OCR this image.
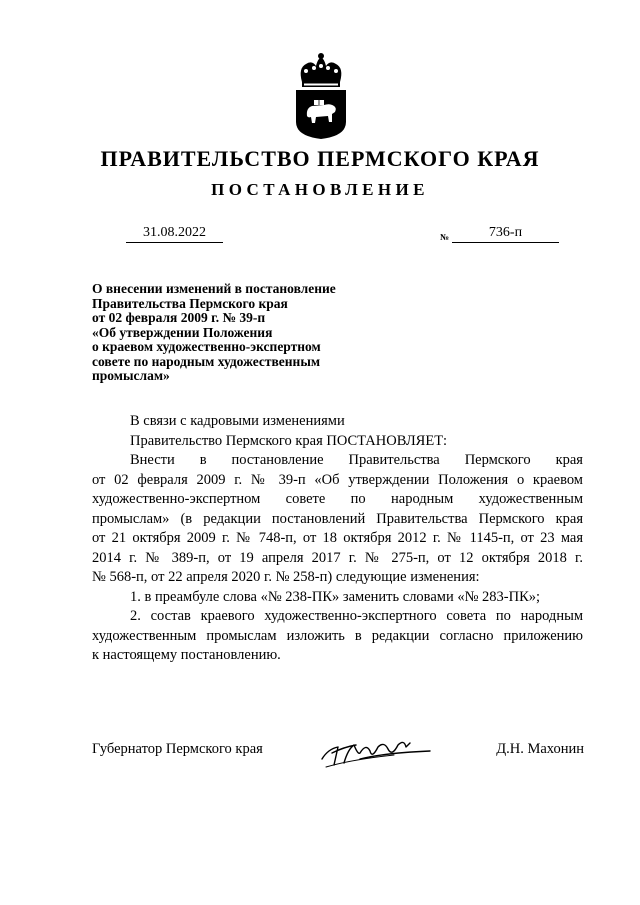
ПРАВИТЕЛЬСТВО ПЕРМСКОГО КРАЯ
ПОСТАНОВЛЕНИЕ
31.08.2022	№	736-п
О внесении изменений в постановление
Правительства Пермского края
от 02 февраля 2009 г. № 39-п
«Об утверждении Положения
о краевом художественно-экспертном
совете по народным художественным
промыслам»

В связи с кадровыми изменениями

Правительство Пермского края ПОСТАНОВЛЯЕТ:

Внести в постановление Правительства Пермского края

от 02 февраля 2009 г. № 39-п «Об утверждении Положения о краевом

художественно-экспертном совете по народным художественным

промыслам» (в редакции постановлений Правительства Пермского края

от 21 октября 2009 г. № 748-п, от 18 октября 2012 г. № 1145-п, от 23 мая

2014 г. № 389-п, от 19 апреля 2017 г. № 275-п, от 12 октября 2018 г.

№ 568-п, от 22 апреля 2020 г. № 258-п) следующие изменения:

1. в преамбуле слова «№ 238-ПК» заменить словами «№ 283-ПК»;

2. состав краевого художественно-экспертного совета по народным

художественным промыслам изложить в редакции согласно приложению

к настоящему постановлению.

Губернатор Пермского края	Д.Н. Махонин
